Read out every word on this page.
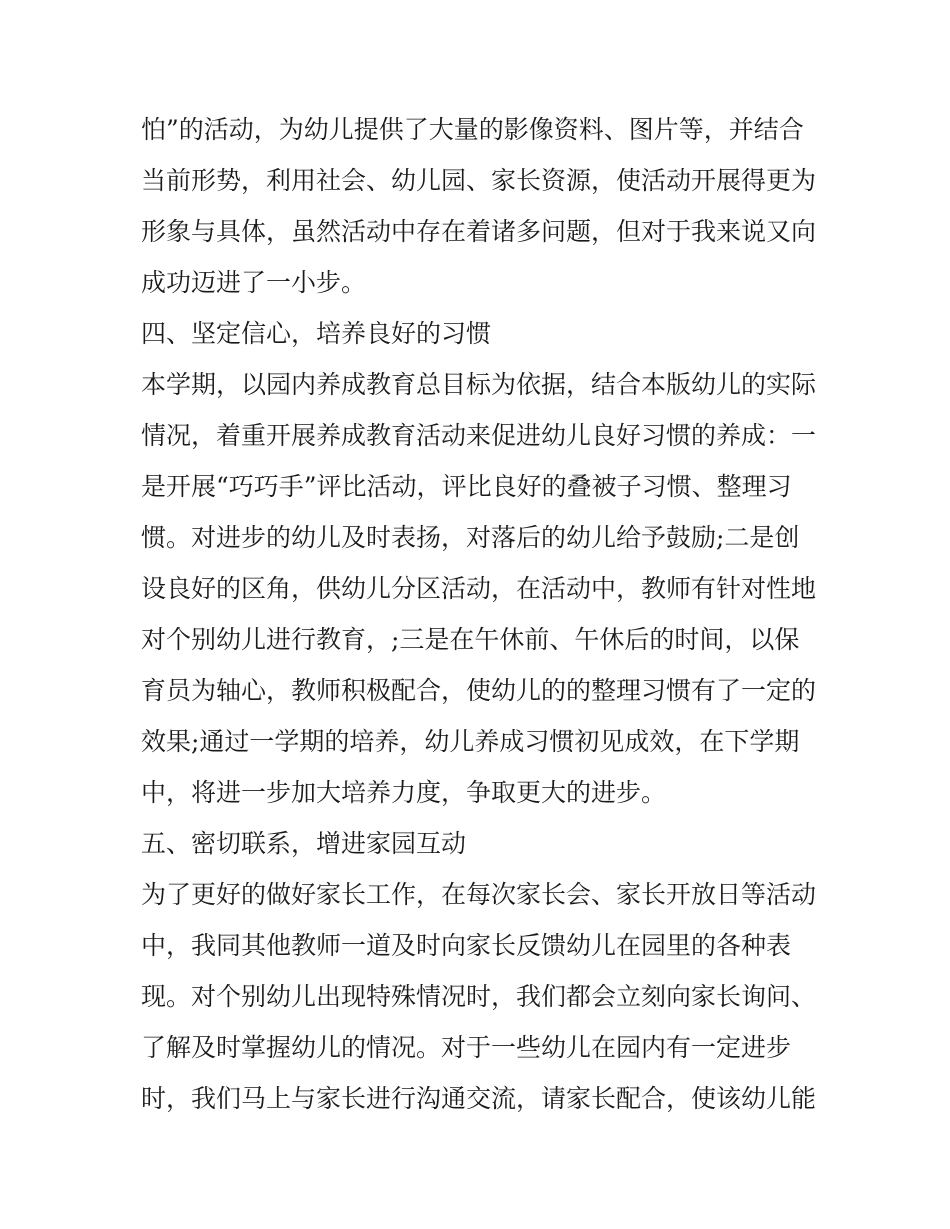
怕”的活动，为幼儿提供了大量的影像资料、图片等，并结合
当前形势，利用社会、幼儿园、家长资源，使活动开展得更为
形象与具体，虽然活动中存在着诸多问题，但对于我来说又向
成功迈进了一小步。
四、坚定信心，培养良好的习惯
本学期，以园内养成教育总目标为依据，结合本版幼儿的实际
情况，着重开展养成教育活动来促进幼儿良好习惯的养成：一
是开展“巧巧手”评比活动，评比良好的叠被子习惯、整理习
惯。对进步的幼儿及时表扬，对落后的幼儿给予鼓励;二是创
设良好的区角，供幼儿分区活动，在活动中，教师有针对性地
对个别幼儿进行教育，;三是在午休前、午休后的时间，以保
育员为轴心，教师积极配合，使幼儿的的整理习惯有了一定的
效果;通过一学期的培养，幼儿养成习惯初见成效，在下学期
中，将进一步加大培养力度，争取更大的进步。
五、密切联系，增进家园互动
为了更好的做好家长工作，在每次家长会、家长开放日等活动
中，我同其他教师一道及时向家长反馈幼儿在园里的各种表
现。对个别幼儿出现特殊情况时，我们都会立刻向家长询问、
了解及时掌握幼儿的情况。对于一些幼儿在园内有一定进步
时，我们马上与家长进行沟通交流，请家长配合，使该幼儿能
